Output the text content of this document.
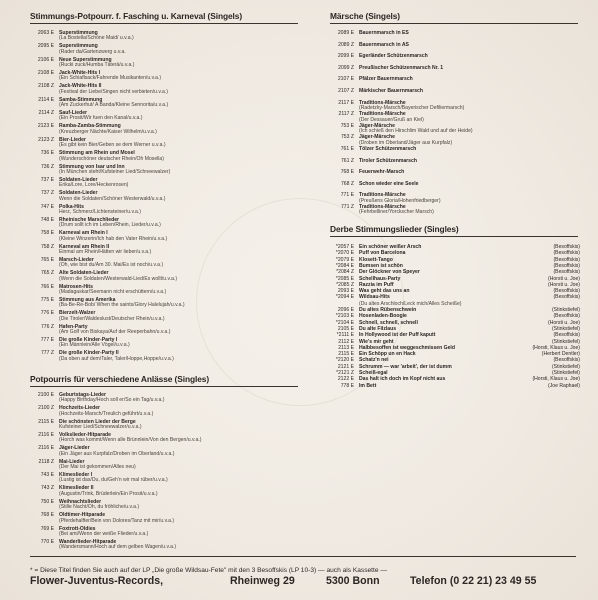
Stimmungs-Potpourr. f. Fasching u. Karneval (Singels)
2063 E Superstimmung
(La Bostella/Schöne Maid/ u.v.a.)
2095 E Superstimmung
(Rader da/Gartenzwerg u.v.a.
2106 E Neue Superstimmung
(Rucki zuck/Humba Täterä/u.v.a.)
2108 E Jack-White-Hits I
(Ein Schiaflsack/Fahrende Musikanten/u.v.a.)
2108 Z Jack-White-Hits II
(Festival der Liebe/Singen nicht verbieten/u.v.a.)
2114 E Samba-Stimmung
(Am Zuckerhut/ A Banda/Kleine Sennorita/u.v.a.)
2114 Z Sauf-Lieder
(Ein Prosit/Wir fuen den Kanal/u.v.a.)
2123 E Ramba-Zamba-Stimmung
(Kreuzberger Nächte/Kaiser Wilhelm/u.v.a.)
2123 Z Bier-Lieder
(Es gibt kein Bier/Geben se dem Werner u.v.a.)
736 E Stimmung am Rhein und Mosel
(Wunderschöner deutscher Rhein/Oh Mosella)
736 Z Stimmung von Isar und Inn
(In München steht/Kufsteiner Lied/Schneewalzer)
737 E Soldaten-Lieder
Erika/Lore, Lore/Heckenrosen)
737 Z Soldaten-Lieder
Wenn die Soldaten/Schöner Westerwald/u.v.a.)
747 E Polka-Hits
Herz, Schmerz/Lichtensteiner/u.v.a.)
748 E Rheinische Marschlieder
(Drum sollt ich im Leben/Rhein, Lieder/u.v.a.)
758 E Karneval am Rhein I
(Kleine Winzerin/Ich hab den Vater Rhein/u.v.a.)
758 Z Karneval am Rhein II
Einmal am Rhein/Hätten wir lieber/u.v.a.)
765 E Marsch-Lieder
(Oh, wie bist du/Am 30. Mai/Es ist noch/u.v.a.)
765 Z Alte Soldaten-Lieder
(Wenn die Soldaten/Westerwald-Lied/Es wollt/u.v.a.)
766 E Matrosen-Hits
(Madagaskar/Seemann nicht erschüttern/u.v.a.)
775 E Stimmung aus Amerika
(Ba-Be-Re-Bob/ When the saints/Glory Halelujah/u.v.a.)
776 E Bierzelt-Walzer
(Die Tiroler/Waldeslust/Deutscher Rhein/u.v.a.)
776 Z Hafen-Party
(Am Golf von Biskaya/Auf der Reeperbahn/u.v.a.)
777 E Die große Kinder-Party I
(Ein Männlein/Alle Vögel/u.v.a.)
777 Z Die große Kinder-Party II
(Da oben auf dem/Taler, Taler/Hoppe,Hoppe/u.v.a.)
Potpourris für verschiedene Anlässe (Singles)
2100 E Geburtstags-Lieder
(Happy Birthday/Hoch soll er/So ein Tag/u.v.a.)
2100 Z Hochzeits-Lieder
(Hochzeits-Marsch/Treulich geführt/u.v.a.)
2115 E Die schönsten Lieder der Berge
Kufsteiner Lied/Schneewalzer/u.v.a.)
2116 E Volkslieder-Hitparade
(Horch was kommt/Wenn alle Brünnlein/Von den Bergen/u.v.a.)
2116 E Jäger-Lieder
(Ein Jäger aus Kurpfalz/Droben im Oberland/u.v.a.)
2118 Z Mai-Lieder
(Der Mai ist gekommen/Alles neu)
743 E Klimeslieder I
(Lustig ist das/Du, du/Geh'n wir mal rüber/u.v.a.)
743 Z Klimeslieder II
(Augustin/Trink, Brüderlein/Ein Prosit/u.v.a.)
750 E Weihnachtslieder
(Stille Nacht/Oh, du fröhliche/u.v.a.)
768 E Oldtimer-Hitparade
(Pferdehalfter/Bein von Dolores/Tanz mit mir/u.v.a.)
769 E Foxtrott-Oldies
(Bei ami/Wenn der weiße Flieder/u.v.a.)
770 E Wanderlieder-Hitparade
(Wandersmann/Hoch auf dem gelben Wagen/u.v.a.)
Märsche (Singels)
2089 E Bauernmarsch in ES
2089 Z Bauernmarsch in AS
2099 E Egerländer Schützenmarsch
2099 Z Preußischer Schützenmarsch Nr. 1
2107 E Pfälzer Bauernmarsch
2107 Z Märkischer Bauernmarsch
2117 E Traditions-Märsche
(Radetzky-Marsch/Bayerischer Defiliermarsch)
2117 Z Traditions-Märsche
(Der Dessauer/Gruß an Kiel)
753 E Jäger-Märsche
(Ich schieß den Hirschlim Wald und auf der Heide)
753 Z Jäger-Märsche
(Droben im Oberland/Jäger aus Kurpfalz)
761 E Tölzer Schützenmarsch
761 Z Tiroler Schützenmarsch
768 E Feuerwehr-Marsch
768 Z Schon wieder eine Seele
771 E Traditions-Märsche
(Preußens Gloria/Hohenfriedberger)
771 Z Traditions-Märsche
(Fehrbelliner/Yorckscher Marsch)
Derbe Stimmungslieder (Singles)
*2057 E Ein schöner weißer Arsch	(Besoffskis)
*2070 E Puff von Barcelona	(Besoffskis)
*2079 E Klosett-Tango	(Besoffskis)
*2084 E Bumsen ist schön	(Besoffskis)
*2084 Z Der Glöckner von Speyer	(Besoffskis)
*2085 E Schellhaus-Party	(Horsti u. Joe)
*2085 Z Razzia im Puff	(Horsti u. Joe)
2093 E Was geht das uns an	(Besoffskis)
*2094 E Wildsau-Hits	(Besoffskis)
(Du altes Arschloch/Leck mich/Alles Scheiße)
2096 E Du altes Rübenschwein	(Stinkstiefel)
*2103 E Hosenladen-Boogie	(Besoffskis)
*2104 E Schnell, schnell, schnell	(Horsti u. Joe)
2105 E Du alte Filzlaus	(Stinkstiefel)
*2111 E In Hollywood ist der Puff kaputt	(Besoffskis)
2112 E Wie's mir geht	(Stinkstiefel)
2113 E Halbbesoffen ist weggeschmissen Geld	(Horsti, Klaus u. Joe)
2115 E Ein Schöpp un en Hack	(Herbert Dentler)
*2120 E Schatz'n nei	(Besoffskis)
2121 E Schrumm — war 'arbeit', der ist dumm	(Stinkstiefel)
*2121 Z Scheiß-egal	(Stinkstiefel)
2122 E Das halt ich doch im Kopf nicht aus	(Horsti, Klaus u. Joe)
778 E Im Bett	(Joe Raphael)
* = Diese Titel finden Sie auch auf der LP „Die große Wildsau-Fete" mit den 3 Besoffskis (LP 10-3) — auch als Kassette —
Flower-Juventus-Records,	Rheinweg 29	5300 Bonn	Telefon (0 22 21) 23 49 55
